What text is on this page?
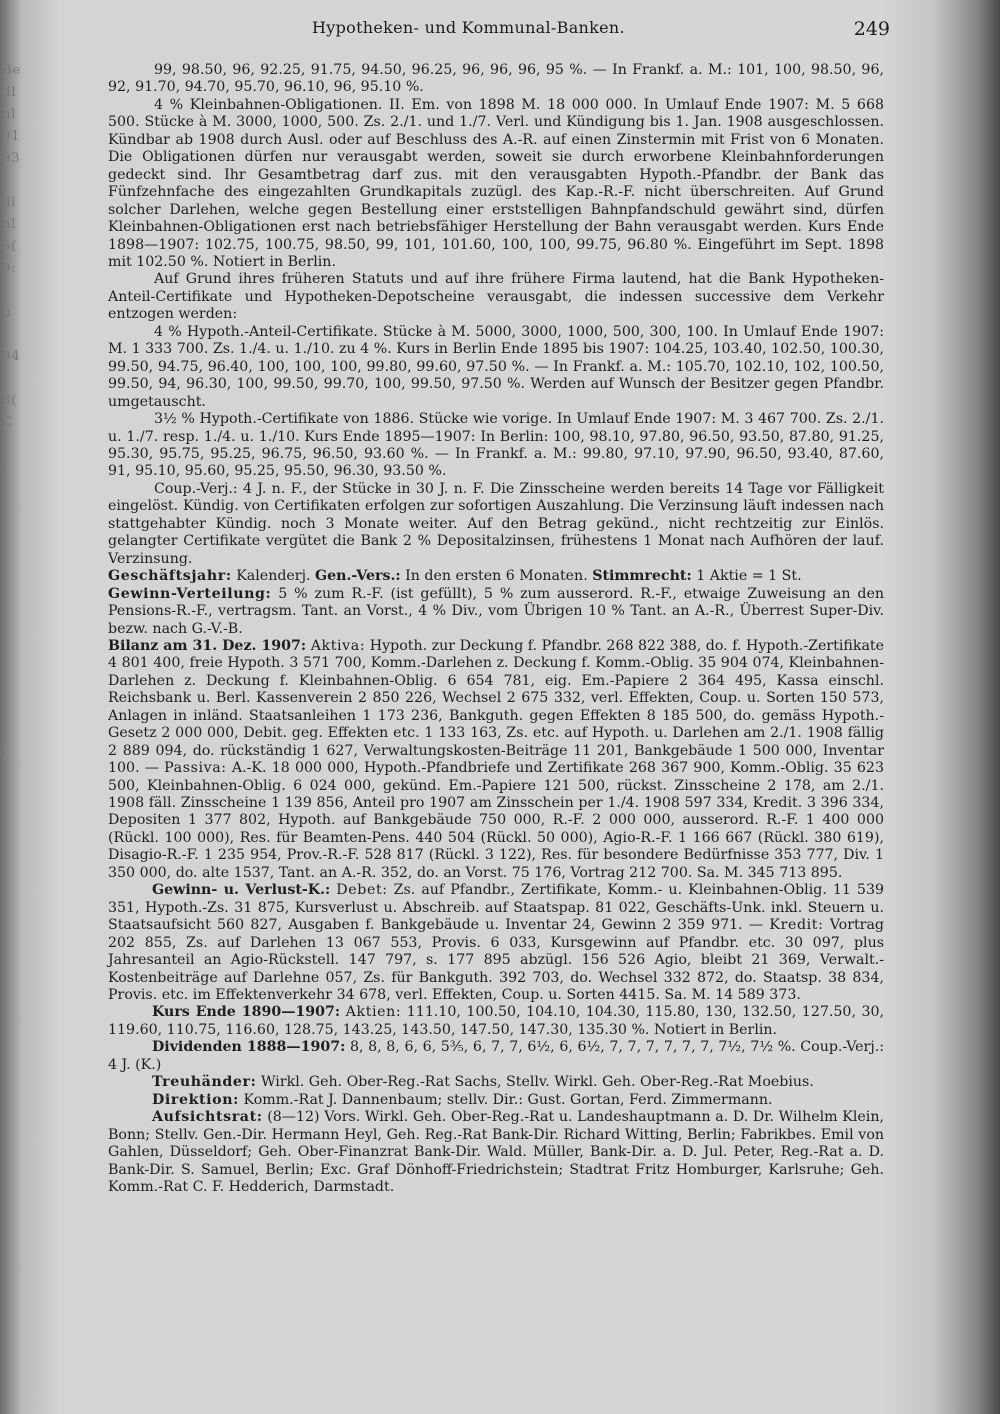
Be
dl
nl
91
93

dl
nl
5(
9:

ü

94

8(
C

I

i

Hypotheken- und Kommunal-Banken.	249

99, 98.50, 96, 92.25, 91.75, 94.50, 96.25, 96, 96, 96, 95 %. — In Frankf. a. M.: 101, 100, 98.50, 96, 92, 91.70, 94.70, 95.70, 96.10, 96, 95.10 %.

4 % Kleinbahnen-Obligationen. II. Em. von 1898 M. 18 000 000. In Umlauf Ende 1907: M. 5 668 500. Stücke à M. 3000, 1000, 500. Zs. 2./1. und 1./7. Verl. und Kündigung bis 1. Jan. 1908 ausgeschlossen. Kündbar ab 1908 durch Ausl. oder auf Beschluss des A.-R. auf einen Zinstermin mit Frist von 6 Monaten. Die Obligationen dürfen nur verausgabt werden, soweit sie durch erworbene Kleinbahnforderungen gedeckt sind. Ihr Gesamtbetrag darf zus. mit den verausgabten Hypoth.-Pfandbr. der Bank das Fünfzehnfache des eingezahlten Grundkapitals zuzügl. des Kap.-R.-F. nicht überschreiten. Auf Grund solcher Darlehen, welche gegen Bestellung einer erststelligen Bahnpfandschuld gewährt sind, dürfen Kleinbahnen-Obligationen erst nach betriebsfähiger Herstellung der Bahn verausgabt werden. Kurs Ende 1898—1907: 102.75, 100.75, 98.50, 99, 101, 101.60, 100, 100, 99.75, 96.80 %. Eingeführt im Sept. 1898 mit 102.50 %. Notiert in Berlin.

Auf Grund ihres früheren Statuts und auf ihre frühere Firma lautend, hat die Bank Hypotheken-Anteil-Certifikate und Hypotheken-Depotscheine verausgabt, die indessen successive dem Verkehr entzogen werden:

4 % Hypoth.-Anteil-Certifikate. Stücke à M. 5000, 3000, 1000, 500, 300, 100. In Umlauf Ende 1907: M. 1 333 700. Zs. 1./4. u. 1./10. zu 4 %. Kurs in Berlin Ende 1895 bis 1907: 104.25, 103.40, 102.50, 100.30, 99.50, 94.75, 96.40, 100, 100, 100, 99.80, 99.60, 97.50 %. — In Frankf. a. M.: 105.70, 102.10, 102, 100.50, 99.50, 94, 96.30, 100, 99.50, 99.70, 100, 99.50, 97.50 %. Werden auf Wunsch der Besitzer gegen Pfandbr. umgetauscht.

3½ % Hypoth.-Certifikate von 1886. Stücke wie vorige. In Umlauf Ende 1907: M. 3 467 700. Zs. 2./1. u. 1./7. resp. 1./4. u. 1./10. Kurs Ende 1895—1907: In Berlin: 100, 98.10, 97.80, 96.50, 93.50, 87.80, 91.25, 95.30, 95.75, 95.25, 96.75, 96.50, 93.60 %. — In Frankf. a. M.: 99.80, 97.10, 97.90, 96.50, 93.40, 87.60, 91, 95.10, 95.60, 95.25, 95.50, 96.30, 93.50 %.

Coup.-Verj.: 4 J. n. F., der Stücke in 30 J. n. F. Die Zinsscheine werden bereits 14 Tage vor Fälligkeit eingelöst. Kündig. von Certifikaten erfolgen zur sofortigen Auszahlung. Die Verzinsung läuft indessen nach stattgehabter Kündig. noch 3 Monate weiter. Auf den Betrag gekünd., nicht rechtzeitig zur Einlös. gelangter Certifikate vergütet die Bank 2 % Depositalzinsen, frühestens 1 Monat nach Aufhören der lauf. Verzinsung.

Geschäftsjahr: Kalenderj. Gen.-Vers.: In den ersten 6 Monaten. Stimmrecht: 1 Aktie = 1 St.

Gewinn-Verteilung: 5 % zum R.-F. (ist gefüllt), 5 % zum ausserord. R.-F., etwaige Zuweisung an den Pensions-R.-F., vertragsm. Tant. an Vorst., 4 % Div., vom Übrigen 10 % Tant. an A.-R., Überrest Super-Div. bezw. nach G.-V.-B.

Bilanz am 31. Dez. 1907: Aktiva: Hypoth. zur Deckung f. Pfandbr. 268 822 388, do. f. Hypoth.-Zertifikate 4 801 400, freie Hypoth. 3 571 700, Komm.-Darlehen z. Deckung f. Komm.-Oblig. 35 904 074, Kleinbahnen-Darlehen z. Deckung f. Kleinbahnen-Oblig. 6 654 781, eig. Em.-Papiere 2 364 495, Kassa einschl. Reichsbank u. Berl. Kassenverein 2 850 226, Wechsel 2 675 332, verl. Effekten, Coup. u. Sorten 150 573, Anlagen in inländ. Staatsanleihen 1 173 236, Bankguth. gegen Effekten 8 185 500, do. gemäss Hypoth.-Gesetz 2 000 000, Debit. geg. Effekten etc. 1 133 163, Zs. etc. auf Hypoth. u. Darlehen am 2./1. 1908 fällig 2 889 094, do. rückständig 1 627, Verwaltungskosten-Beiträge 11 201, Bankgebäude 1 500 000, Inventar 100. — Passiva: A.-K. 18 000 000, Hypoth.-Pfandbriefe und Zertifikate 268 367 900, Komm.-Oblig. 35 623 500, Kleinbahnen-Oblig. 6 024 000, gekünd. Em.-Papiere 121 500, rückst. Zinsscheine 2 178, am 2./1. 1908 fäll. Zinsscheine 1 139 856, Anteil pro 1907 am Zinsschein per 1./4. 1908 597 334, Kredit. 3 396 334, Depositen 1 377 802, Hypoth. auf Bankgebäude 750 000, R.-F. 2 000 000, ausserord. R.-F. 1 400 000 (Rückl. 100 000), Res. für Beamten-Pens. 440 504 (Rückl. 50 000), Agio-R.-F. 1 166 667 (Rückl. 380 619), Disagio-R.-F. 1 235 954, Prov.-R.-F. 528 817 (Rückl. 3 122), Res. für besondere Bedürfnisse 353 777, Div. 1 350 000, do. alte 1537, Tant. an A.-R. 352, do. an Vorst. 75 176, Vortrag 212 700. Sa. M. 345 713 895.

Gewinn- u. Verlust-K.: Debet: Zs. auf Pfandbr., Zertifikate, Komm.- u. Kleinbahnen-Oblig. 11 539 351, Hypoth.-Zs. 31 875, Kursverlust u. Abschreib. auf Staatspap. 81 022, Geschäfts-Unk. inkl. Steuern u. Staatsaufsicht 560 827, Ausgaben f. Bankgebäude u. Inventar 24, Gewinn 2 359 971. — Kredit: Vortrag 202 855, Zs. auf Darlehen 13 067 553, Provis. 6 033, Kursgewinn auf Pfandbr. etc. 30 097, plus Jahresanteil an Agio-Rückstell. 147 797, s. 177 895 abzügl. 156 526 Agio, bleibt 21 369, Verwalt.-Kostenbeiträge auf Darlehne 057, Zs. für Bankguth. 392 703, do. Wechsel 332 872, do. Staatsp. 38 834, Provis. etc. im Effektenverkehr 34 678, verl. Effekten, Coup. u. Sorten 4415. Sa. M. 14 589 373.

Kurs Ende 1890—1907: Aktien: 111.10, 100.50, 104.10, 104.30, 115.80, 130, 132.50, 127.50, 30, 119.60, 110.75, 116.60, 128.75, 143.25, 143.50, 147.50, 147.30, 135.30 %. Notiert in Berlin.

Dividenden 1888—1907: 8, 8, 8, 6, 6, 5⅗, 6, 7, 7, 6½, 6, 6½, 7, 7, 7, 7, 7, 7, 7½, 7½ %. Coup.-Verj.: 4 J. (K.)

Treuhänder: Wirkl. Geh. Ober-Reg.-Rat Sachs, Stellv. Wirkl. Geh. Ober-Reg.-Rat Moebius.

Direktion: Komm.-Rat J. Dannenbaum; stellv. Dir.: Gust. Gortan, Ferd. Zimmermann.

Aufsichtsrat: (8—12) Vors. Wirkl. Geh. Ober-Reg.-Rat u. Landeshauptmann a. D. Dr. Wilhelm Klein, Bonn; Stellv. Gen.-Dir. Hermann Heyl, Geh. Reg.-Rat Bank-Dir. Richard Witting, Berlin; Fabrikbes. Emil von Gahlen, Düsseldorf; Geh. Ober-Finanzrat Bank-Dir. Wald. Müller, Bank-Dir. a. D. Jul. Peter, Reg.-Rat a. D. Bank-Dir. S. Samuel, Berlin; Exc. Graf Dönhoff-Friedrichstein; Stadtrat Fritz Homburger, Karlsruhe; Geh. Komm.-Rat C. F. Hedderich, Darmstadt.
